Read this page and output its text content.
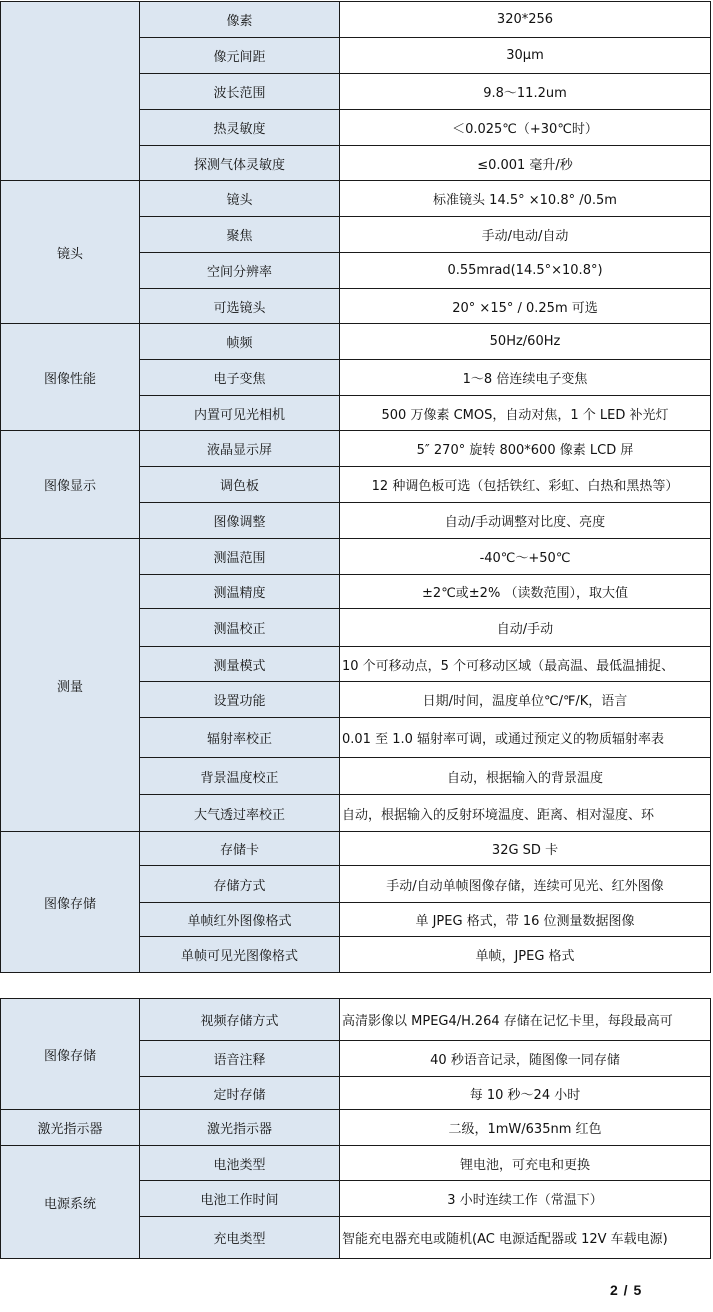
	像素	320*256
	像元间距	30μm
	波长范围	9.8～11.2um
	热灵敏度	＜0.025℃（+30℃时）
	探测气体灵敏度	≤0.001 毫升/秒
镜头	镜头	标准镜头 14.5° ×10.8° /0.5m
	聚焦	手动/电动/自动
	空间分辨率	0.55mrad(14.5°×10.8°)
	可选镜头	20° ×15° / 0.25m 可选
图像性能	帧频	50Hz/60Hz
	电子变焦	1～8 倍连续电子变焦
	内置可见光相机	500 万像素 CMOS，自动对焦，1 个 LED 补光灯
图像显示	液晶显示屏	5″ 270° 旋转 800*600 像素 LCD 屏
	调色板	12 种调色板可选（包括铁红、彩虹、白热和黑热等）
	图像调整	自动/手动调整对比度、亮度
测量	测温范围	-40℃～+50℃
	测温精度	±2℃或±2% （读数范围），取大值
	测温校正	自动/手动
	测量模式	10 个可移动点，5 个可移动区域（最高温、最低温捕捉、
	设置功能	日期/时间，温度单位℃/℉/K，语言
	辐射率校正	0.01 至 1.0 辐射率可调，或通过预定义的物质辐射率表
	背景温度校正	自动，根据输入的背景温度
	大气透过率校正	自动，根据输入的反射环境温度、距离、相对湿度、环
图像存储	存储卡	32G SD 卡
	存储方式	手动/自动单帧图像存储，连续可见光、红外图像
	单帧红外图像格式	单 JPEG 格式，带 16 位测量数据图像
	单帧可见光图像格式	单帧，JPEG 格式
图像存储	视频存储方式	高清影像以 MPEG4/H.264 存储在记忆卡里，每段最高可
	语音注释	40 秒语音记录，随图像一同存储
	定时存储	每 10 秒～24 小时
激光指示器	激光指示器	二级，1mW/635nm 红色
电源系统	电池类型	锂电池，可充电和更换
	电池工作时间	3 小时连续工作（常温下）
	充电类型	智能充电器充电或随机(AC 电源适配器或 12V 车载电源)
2 / 5
